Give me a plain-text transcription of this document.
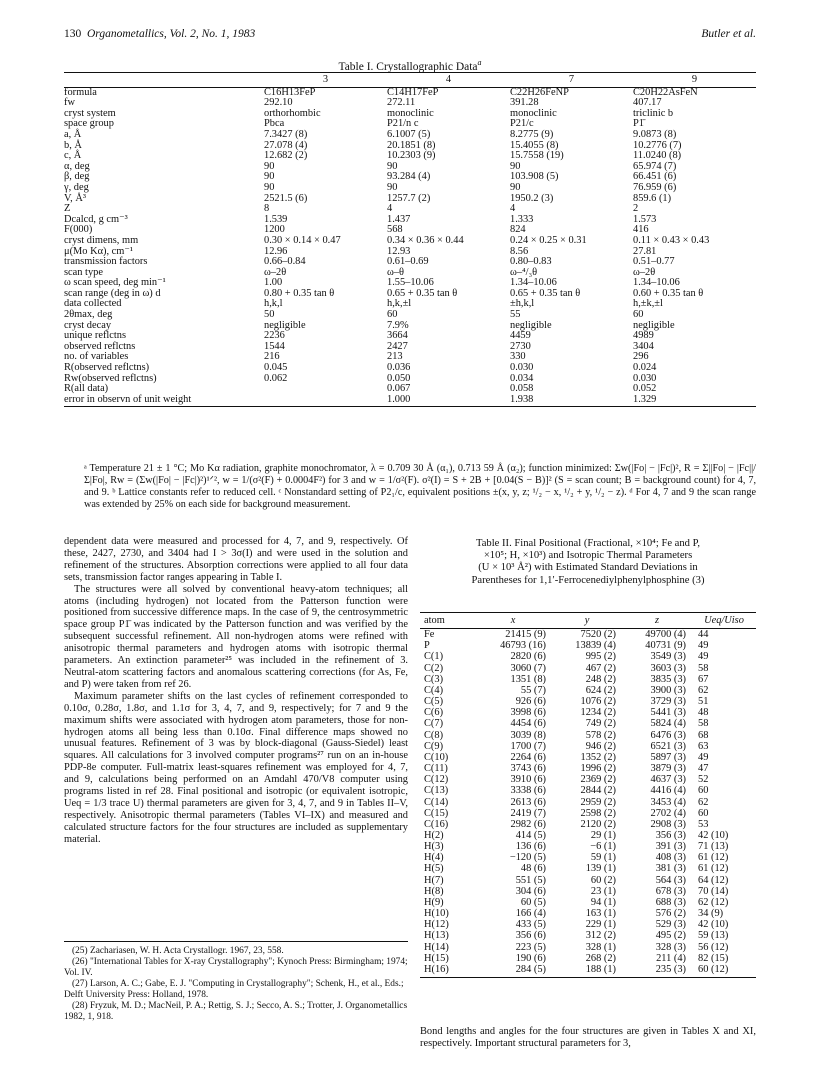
130 Organometallics, Vol. 2, No. 1, 1983	Butler et al.
Table I. Crystallographic Data$^a$
	3	4	7	9
formula	C16H13FeP	C14H17FeP	C22H26FeNP	C20H22AsFeN
fw	292.10	272.11	391.28	407.17
cryst system	orthorhombic	monoclinic	monoclinic	triclinic b
space group	Pbca	P21/n c	P21/c	P1̄
a, Å	7.3427 (8)	6.1007 (5)	8.2775 (9)	9.0873 (8)
b, Å	27.078 (4)	20.1851 (8)	15.4055 (8)	10.2776 (7)
c, Å	12.682 (2)	10.2303 (9)	15.7558 (19)	11.0240 (8)
α, deg	90	90	90	65.974 (7)
β, deg	90	93.284 (4)	103.908 (5)	66.451 (6)
γ, deg	90	90	90	76.959 (6)
V, Å³	2521.5 (6)	1257.7 (2)	1950.2 (3)	859.6 (1)
Z	8	4	4	2
Dcalcd, g cm⁻³	1.539	1.437	1.333	1.573
F(000)	1200	568	824	416
cryst dimens, mm	0.30 × 0.14 × 0.47	0.34 × 0.36 × 0.44	0.24 × 0.25 × 0.31	0.11 × 0.43 × 0.43
μ(Mo Kα), cm⁻¹	12.96	12.93	8.56	27.81
transmission factors	0.66–0.84	0.61–0.69	0.80–0.83	0.51–0.77
scan type	ω–2θ	ω–θ	ω–⁴/₃θ	ω–2θ
ω scan speed, deg min⁻¹	1.00	1.55–10.06	1.34–10.06	1.34–10.06
scan range (deg in ω) d	0.80 + 0.35 tan θ	0.65 + 0.35 tan θ	0.65 + 0.35 tan θ	0.60 + 0.35 tan θ
data collected	h,k,l	h,k,±l	±h,k,l	h,±k,±l
2θmax, deg	50	60	55	60
cryst decay	negligible	7.9%	negligible	negligible
unique reflctns	2236	3664	4459	4989
observed reflctns	1544	2427	2730	3404
no. of variables	216	213	330	296
R(observed reflctns)	0.045	0.036	0.030	0.024
Rw(observed reflctns)	0.062	0.050	0.034	0.030
R(all data)		0.067	0.058	0.052
error in observn of unit weight		1.000	1.938	1.329
ᵃ Temperature 21 ± 1 °C; Mo Kα radiation, graphite monochromator, λ = 0.709 30 Å (α₁), 0.713 59 Å (α₂); function minimized: Σw(|Fo| − |Fc|)², R = Σ||Fo| − |Fc||/Σ|Fo|, Rw = (Σw(|Fo| − |Fc|)²)¹ᐟ², w = 1/(σ²(F) + 0.0004F²) for 3 and w = 1/σ²(F). σ²(I) = S + 2B + [0.04(S − B)]² (S = scan count; B = background count) for 4, 7, and 9. ᵇ Lattice constants refer to reduced cell. ᶜ Nonstandard setting of P2₁/c, equivalent positions ±(x, y, z; ¹/₂ − x, ¹/₂ + y, ¹/₂ − z). ᵈ For 4, 7 and 9 the scan range was extended by 25% on each side for background measurement.

dependent data were measured and processed for 4, 7, and 9, respectively. Of these, 2427, 2730, and 3404 had I > 3σ(I) and were used in the solution and refinement of the structures. Absorption corrections were applied to all four data sets, transmission factor ranges appearing in Table I.

The structures were all solved by conventional heavy-atom techniques; all atoms (including hydrogen) not located from the Patterson function were positioned from successive difference maps. In the case of 9, the centrosymmetric space group P1̄ was indicated by the Patterson function and was verified by the subsequent successful refinement. All non-hydrogen atoms were refined with anisotropic thermal parameters and hydrogen atoms with isotropic thermal parameters. An extinction parameter²⁵ was included in the refinement of 3. Neutral-atom scattering factors and anomalous scattering corrections (for As, Fe, and P) were taken from ref 26.

Maximum parameter shifts on the last cycles of refinement corresponded to 0.10σ, 0.28σ, 1.8σ, and 1.1σ for 3, 4, 7, and 9, respectively; for 7 and 9 the maximum shifts were associated with hydrogen atom parameters, those for non-hydrogen atoms all being less than 0.10σ. Final difference maps showed no unusual features. Refinement of 3 was by block-diagonal (Gauss-Siedel) least squares. All calculations for 3 involved computer programs²⁷ run on an in-house PDP-8e computer. Full-matrix least-squares refinement was employed for 4, 7, and 9, calculations being performed on an Amdahl 470/V8 computer using programs listed in ref 28. Final positional and isotropic (or equivalent isotropic, Ueq = 1/3 trace U) thermal parameters are given for 3, 4, 7, and 9 in Tables II–V, respectively. Anisotropic thermal parameters (Tables VI–IX) and measured and calculated structure factors for the four structures are included as supplementary material.

(25) Zachariasen, W. H. Acta Crystallogr. 1967, 23, 558.

(26) "International Tables for X-ray Crystallography"; Kynoch Press: Birmingham; 1974; Vol. IV.

(27) Larson, A. C.; Gabe, E. J. "Computing in Crystallography"; Schenk, H., et al., Eds.; Delft University Press: Holland, 1978.

(28) Fryzuk, M. D.; MacNeil, P. A.; Rettig, S. J.; Secco, A. S.; Trotter, J. Organometallics 1982, 1, 918.

Table II. Final Positional (Fractional, ×10⁴; Fe and P,
×10⁵; H, ×10³) and Isotropic Thermal Parameters
(U × 10³ Å²) with Estimated Standard Deviations in
Parentheses for 1,1′-Ferrocenediylphenylphosphine (3)
atom	x	y	z	Ueq/Uiso
Fe	21415 (9)	7520 (2)	49700 (4)	44
P	46793 (16)	13839 (4)	40731 (9)	49
C(1)	2820 (6)	995 (2)	3549 (3)	49
C(2)	3060 (7)	467 (2)	3603 (3)	58
C(3)	1351 (8)	248 (2)	3835 (3)	67
C(4)	55 (7)	624 (2)	3900 (3)	62
C(5)	926 (6)	1076 (2)	3729 (3)	51
C(6)	3998 (6)	1234 (2)	5441 (3)	48
C(7)	4454 (6)	749 (2)	5824 (4)	58
C(8)	3039 (8)	578 (2)	6476 (3)	68
C(9)	1700 (7)	946 (2)	6521 (3)	63
C(10)	2264 (6)	1352 (2)	5897 (3)	49
C(11)	3743 (6)	1996 (2)	3879 (3)	47
C(12)	3910 (6)	2369 (2)	4637 (3)	52
C(13)	3338 (6)	2844 (2)	4416 (4)	60
C(14)	2613 (6)	2959 (2)	3453 (4)	62
C(15)	2419 (7)	2598 (2)	2702 (4)	60
C(16)	2982 (6)	2120 (2)	2908 (3)	53
H(2)	414 (5)	29 (1)	356 (3)	42 (10)
H(3)	136 (6)	−6 (1)	391 (3)	71 (13)
H(4)	−120 (5)	59 (1)	408 (3)	61 (12)
H(5)	48 (6)	139 (1)	381 (3)	61 (12)
H(7)	551 (5)	60 (2)	564 (3)	64 (12)
H(8)	304 (6)	23 (1)	678 (3)	70 (14)
H(9)	60 (5)	94 (1)	688 (3)	62 (12)
H(10)	166 (4)	163 (1)	576 (2)	34 (9)
H(12)	433 (5)	229 (1)	529 (3)	42 (10)
H(13)	356 (6)	312 (2)	495 (2)	59 (13)
H(14)	223 (5)	328 (1)	328 (3)	56 (12)
H(15)	190 (6)	268 (2)	211 (4)	82 (15)
H(16)	284 (5)	188 (1)	235 (3)	60 (12)
Bond lengths and angles for the four structures are given in Tables X and XI, respectively. Important structural parameters for 3,
